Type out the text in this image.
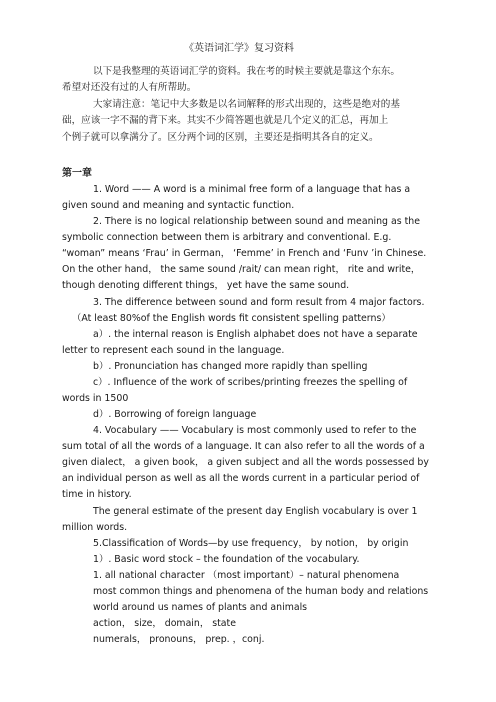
《英语词汇学》复习资料
以下是我整理的英语词汇学的资料。我在考的时候主要就是靠这个东东。
希望对还没有过的人有所帮助。
大家请注意：笔记中大多数是以名词解释的形式出现的，这些是绝对的基
础，应该一字不漏的背下来。其实不少简答题也就是几个定义的汇总，再加上
个例子就可以拿满分了。区分两个词的区别，主要还是指明其各自的定义。
第一章
1. Word —— A word is a minimal free form of a language that has a
given sound and meaning and syntactic function.
2. There is no logical relationship between sound and meaning as the
symbolic connection between them is arbitrary and conventional. E.g.
“woman” means ‘Frau’ in German， ‘Femme’ in French and ‘Funv ’in Chinese.
On the other hand， the same sound /rait/ can mean right， rite and write，
though denoting different things， yet have the same sound.
3. The difference between sound and form result from 4 major factors.
（At least 80%of the English words fit consistent spelling patterns）
a）. the internal reason is English alphabet does not have a separate
letter to represent each sound in the language.
b）. Pronunciation has changed more rapidly than spelling
c）. Influence of the work of scribes/printing freezes the spelling of
words in 1500
d）. Borrowing of foreign language
4. Vocabulary —— Vocabulary is most commonly used to refer to the
sum total of all the words of a language. It can also refer to all the words of a
given dialect， a given book， a given subject and all the words possessed by
an individual person as well as all the words current in a particular period of
time in history.
The general estimate of the present day English vocabulary is over 1
million words.
5.Classification of Words—by use frequency， by notion， by origin
1）. Basic word stock – the foundation of the vocabulary.
1. all national character （most important）– natural phenomena
most common things and phenomena of the human body and relations
world around us names of plants and animals
action， size， domain， state
numerals， pronouns， prep. ，conj.
